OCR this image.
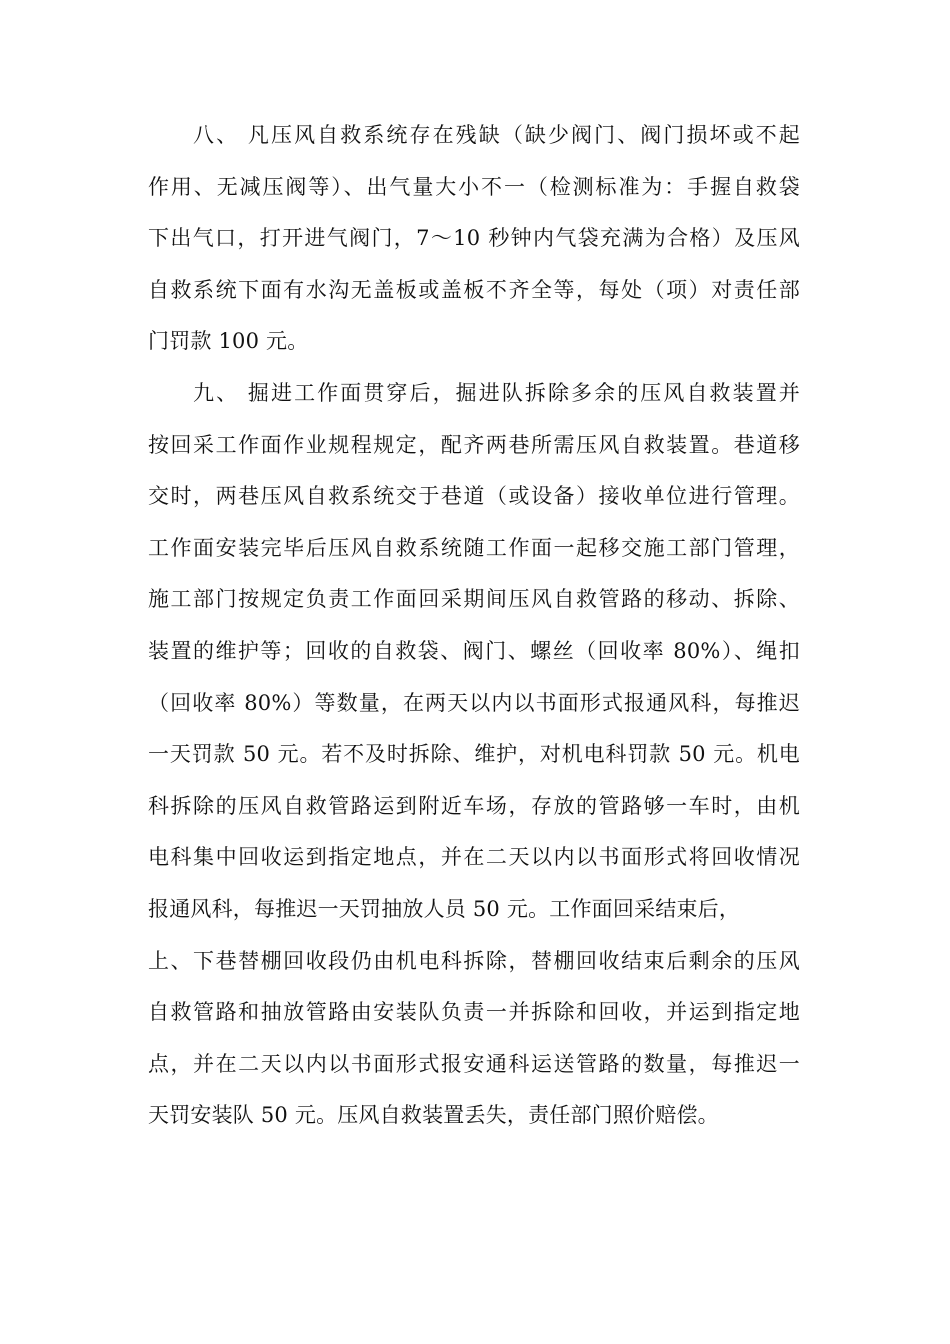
八、 凡压风自救系统存在残缺（缺少阀门、阀门损坏或不起
作用、无减压阀等）、出气量大小不一（检测标准为：手握自救袋
下出气口，打开进气阀门，7～10 秒钟内气袋充满为合格）及压风
自救系统下面有水沟无盖板或盖板不齐全等，每处（项）对责任部
门罚款 100 元。
九、 掘进工作面贯穿后，掘进队拆除多余的压风自救装置并
按回采工作面作业规程规定，配齐两巷所需压风自救装置。巷道移
交时，两巷压风自救系统交于巷道（或设备）接收单位进行管理。
工作面安装完毕后压风自救系统随工作面一起移交施工部门管理，
施工部门按规定负责工作面回采期间压风自救管路的移动、拆除、
装置的维护等；回收的自救袋、阀门、螺丝（回收率 80%）、绳扣
（回收率 80%）等数量，在两天以内以书面形式报通风科，每推迟
一天罚款 50 元。若不及时拆除、维护，对机电科罚款 50 元。机电
科拆除的压风自救管路运到附近车场，存放的管路够一车时，由机
电科集中回收运到指定地点，并在二天以内以书面形式将回收情况
报通风科，每推迟一天罚抽放人员 50 元。工作面回采结束后，
上、下巷替棚回收段仍由机电科拆除，替棚回收结束后剩余的压风
自救管路和抽放管路由安装队负责一并拆除和回收，并运到指定地
点，并在二天以内以书面形式报安通科运送管路的数量，每推迟一
天罚安装队 50 元。压风自救装置丢失，责任部门照价赔偿。
